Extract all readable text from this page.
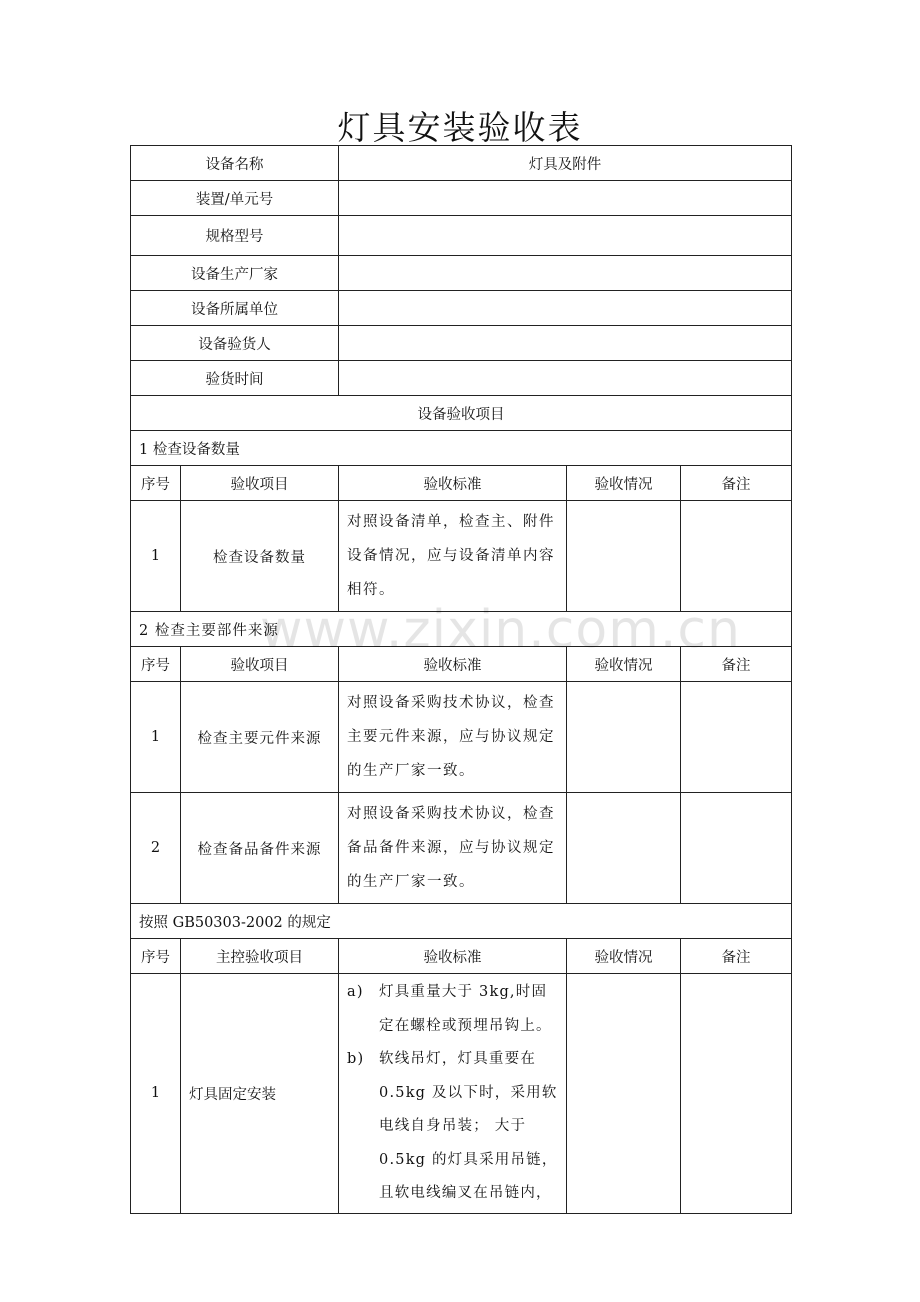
灯具安装验收表
设备名称		灯具及附件		
装置/单元号				
规格型号				
设备生产厂家				
设备所属单位				
设备验货人				
验货时间				
设备验收项目				
1 检查设备数量				
序号	验收项目	验收标准	验收情况	备注
1	检查设备数量	对照设备清单，检查主、附件设备情况，应与设备清单内容相符。		
2 检查主要部件来源				
序号	验收项目	验收标准	验收情况	备注
1	检查主要元件来源	对照设备采购技术协议，检查主要元件来源，应与协议规定的生产厂家一致。		
2	检查备品备件来源	对照设备采购技术协议，检查备品备件来源，应与协议规定的生产厂家一致。		
按照 GB50303-2002 的规定				
序号	主控验收项目	验收标准	验收情况	备注
1	灯具固定安装	a) 灯具重量大于 3kg,时固定在螺栓或预埋吊钩上。
b) 软线吊灯，灯具重要在 0.5kg 及以下时，采用软电线自身吊装； 大于 0.5kg 的灯具采用吊链，且软电线编叉在吊链内，		

www.zixin.com.cn
